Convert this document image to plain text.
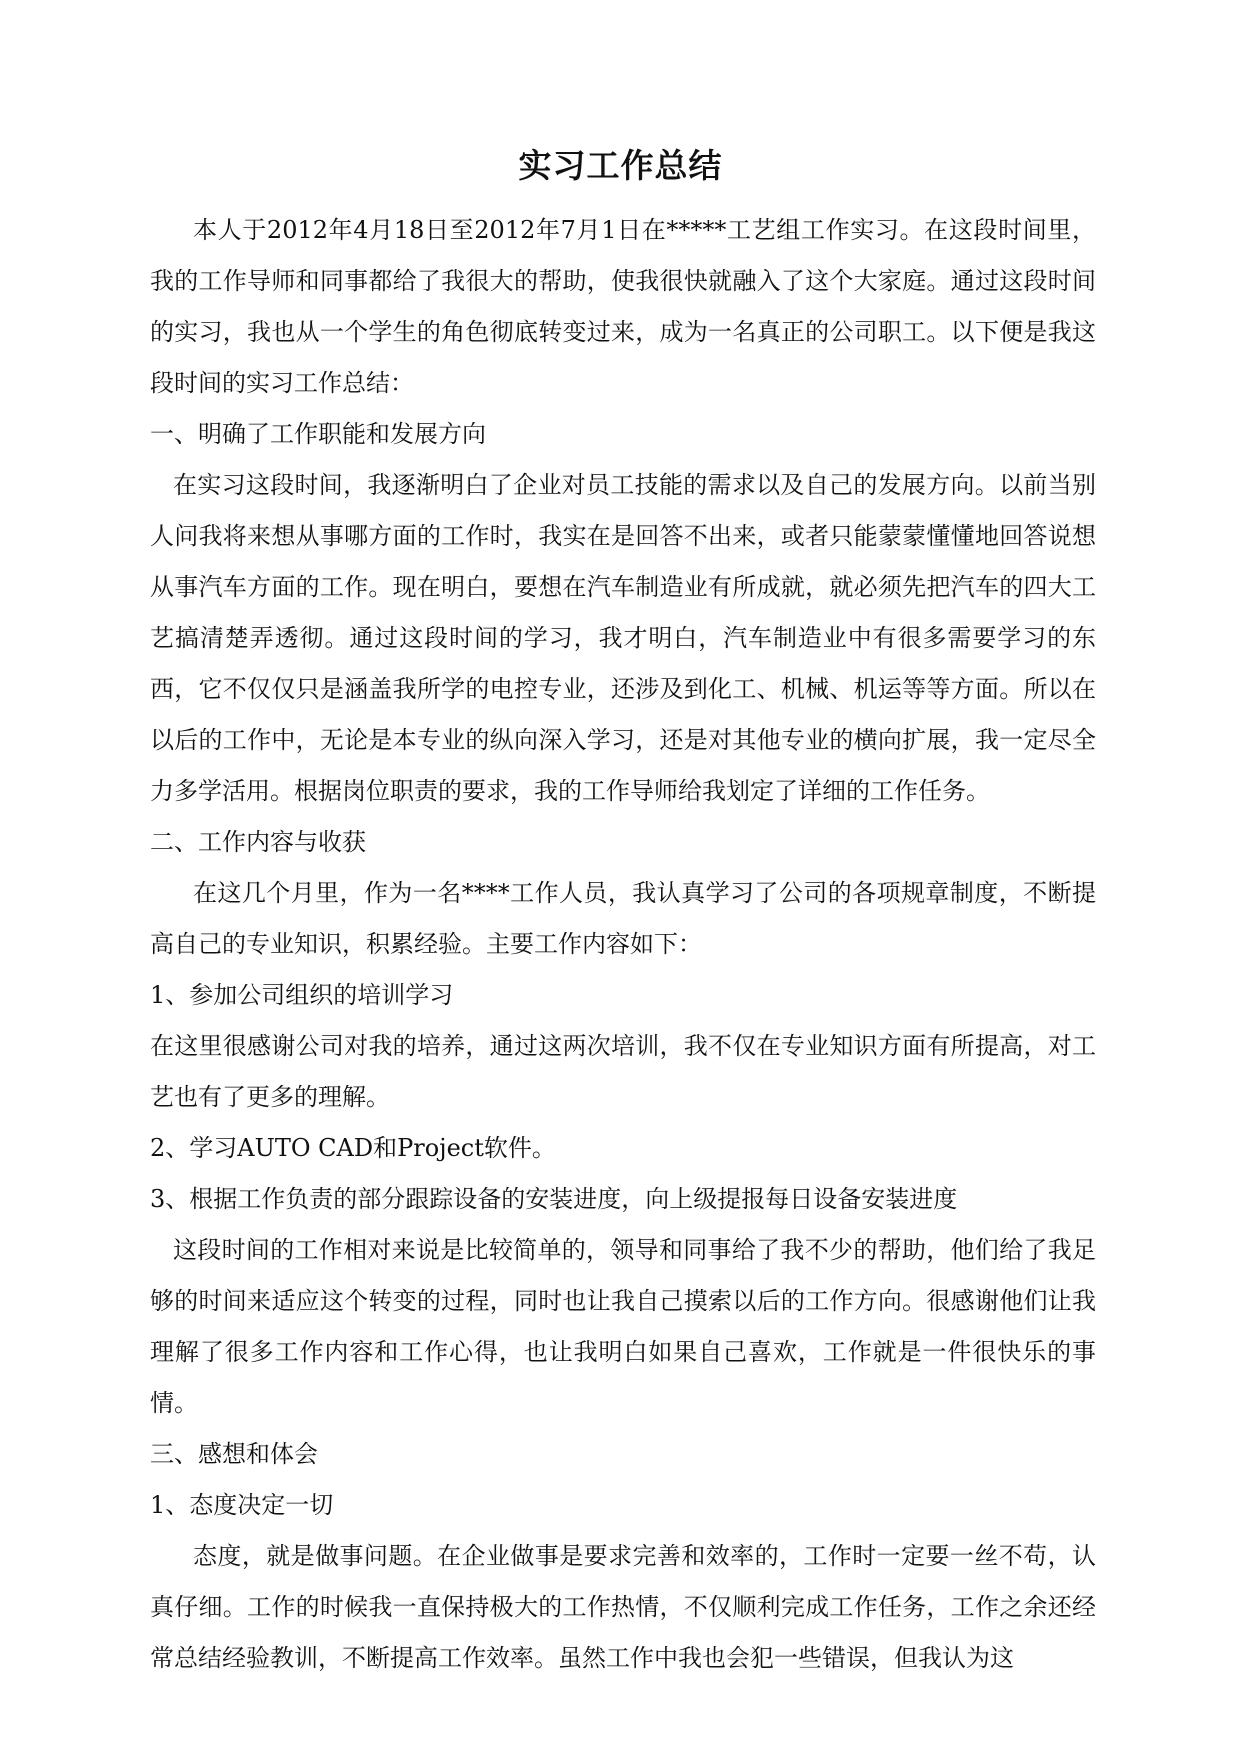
实习工作总结

本人于2012年4月18日至2012年7月1日在*****工艺组工作实习。在这段时间里，我的工作导师和同事都给了我很大的帮助，使我很快就融入了这个大家庭。通过这段时间的实习，我也从一个学生的角色彻底转变过来，成为一名真正的公司职工。以下便是我这段时间的实习工作总结：

一、明确了工作职能和发展方向

在实习这段时间，我逐渐明白了企业对员工技能的需求以及自己的发展方向。以前当别人问我将来想从事哪方面的工作时，我实在是回答不出来，或者只能蒙蒙懂懂地回答说想从事汽车方面的工作。现在明白，要想在汽车制造业有所成就，就必须先把汽车的四大工艺搞清楚弄透彻。通过这段时间的学习，我才明白，汽车制造业中有很多需要学习的东西，它不仅仅只是涵盖我所学的电控专业，还涉及到化工、机械、机运等等方面。所以在以后的工作中，无论是本专业的纵向深入学习，还是对其他专业的横向扩展，我一定尽全力多学活用。根据岗位职责的要求，我的工作导师给我划定了详细的工作任务。

二、工作内容与收获

在这几个月里，作为一名****工作人员，我认真学习了公司的各项规章制度，不断提高自己的专业知识，积累经验。主要工作内容如下：

1、参加公司组织的培训学习

在这里很感谢公司对我的培养，通过这两次培训，我不仅在专业知识方面有所提高，对工艺也有了更多的理解。

2、学习AUTO CAD和Project软件。

3、根据工作负责的部分跟踪设备的安装进度，向上级提报每日设备安装进度

这段时间的工作相对来说是比较简单的，领导和同事给了我不少的帮助，他们给了我足够的时间来适应这个转变的过程，同时也让我自己摸索以后的工作方向。很感谢他们让我理解了很多工作内容和工作心得，也让我明白如果自己喜欢，工作就是一件很快乐的事情。

三、感想和体会

1、态度决定一切

态度，就是做事问题。在企业做事是要求完善和效率的，工作时一定要一丝不苟，认真仔细。工作的时候我一直保持极大的工作热情，不仅顺利完成工作任务，工作之余还经常总结经验教训，不断提高工作效率。虽然工作中我也会犯一些错误，但我认为这
